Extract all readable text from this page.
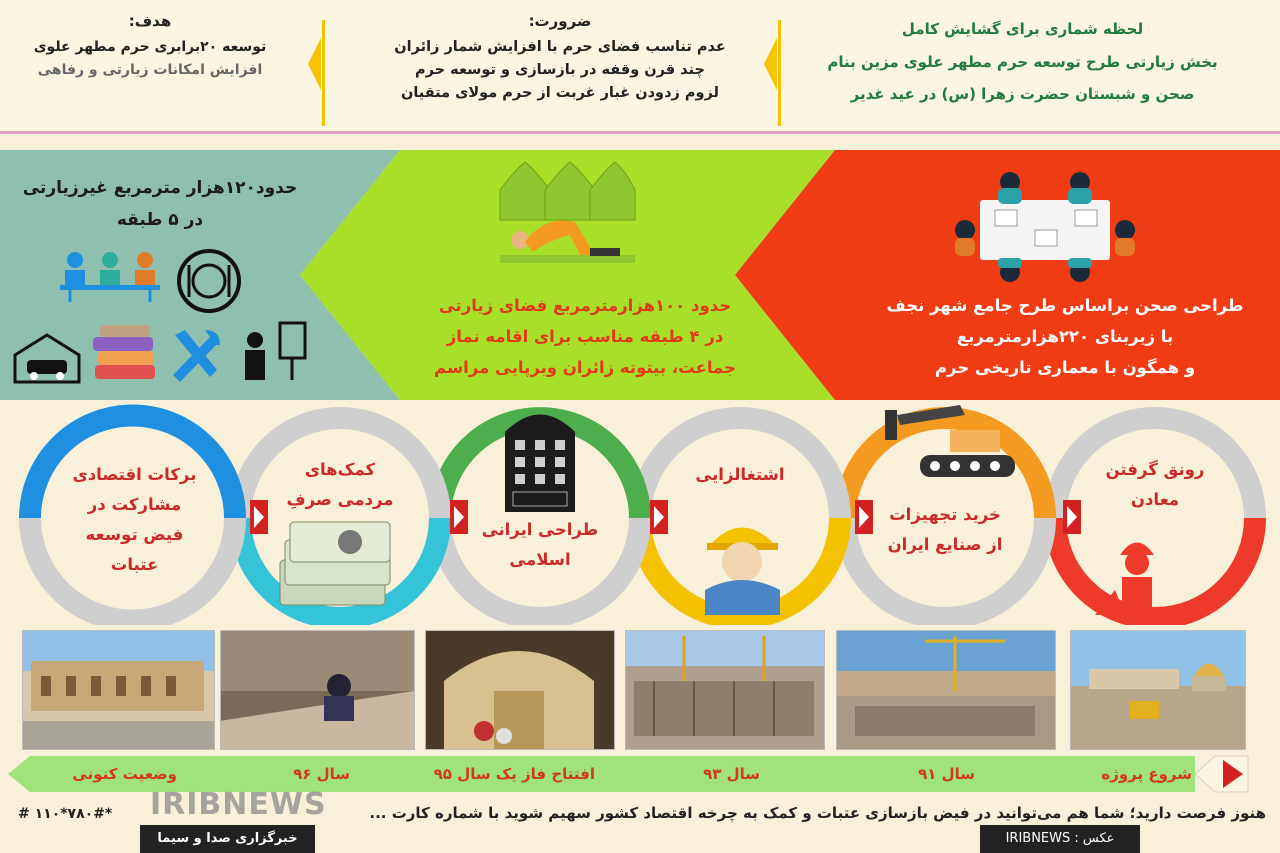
لحظه شماری برای گشایش کامل
بخش زیارتی طرح توسعه حرم مطهر علوی مزین بنام
صحن و شبستان حضرت زهرا (س) در عید غدیر
ضرورت:
عدم تناسب فضای حرم با افزایش شمار زائران
چند قرن وقفه در بازسازی و توسعه حرم
لزوم زدودن غبار غربت از حرم مولای متقیان
هدف:
توسعه ۲۰برابری حرم مطهر علوی
افزایش امکانات زیارتی و رفاهی
طراحی صحن براساس طرح جامع شهر نجف
با زیربنای ۲۲۰هزارمترمربع
و همگون با معماری تاریخی حرم
حدود ۱۰۰هزارمترمربع فضای زیارتی
در ۴ طبقه مناسب برای اقامه نماز
جماعت، بیتوته زائران وبرپایی مراسم
حدود۱۲۰هزار مترمربع غیرزیارتی
در ۵ طبقه
رونق گرفتن
معادن
خرید تجهیزات
از صنایع ایران
اشتغالزایی
طراحی ایرانی
اسلامی
کمک‌های
مردمی صرفِ
برکات اقتصادی
مشارکت در
فیض توسعه
عتبات
شروع پروژه
سال ۹۱
سال ۹۳
افتتاح فاز یک سال ۹۵
سال ۹۶
وضعیت کنونی
IRIBNEWS	هنوز فرصت دارید؛ شما هم می‌توانید در فیض بازسازی عتبات و کمک به چرخه اقتصاد کشور سهیم شوید با شماره کارت ...
# ۱۱۰*۷۸۰#*
خبرگزاری صدا و سیما	عکس : IRIBNEWS
